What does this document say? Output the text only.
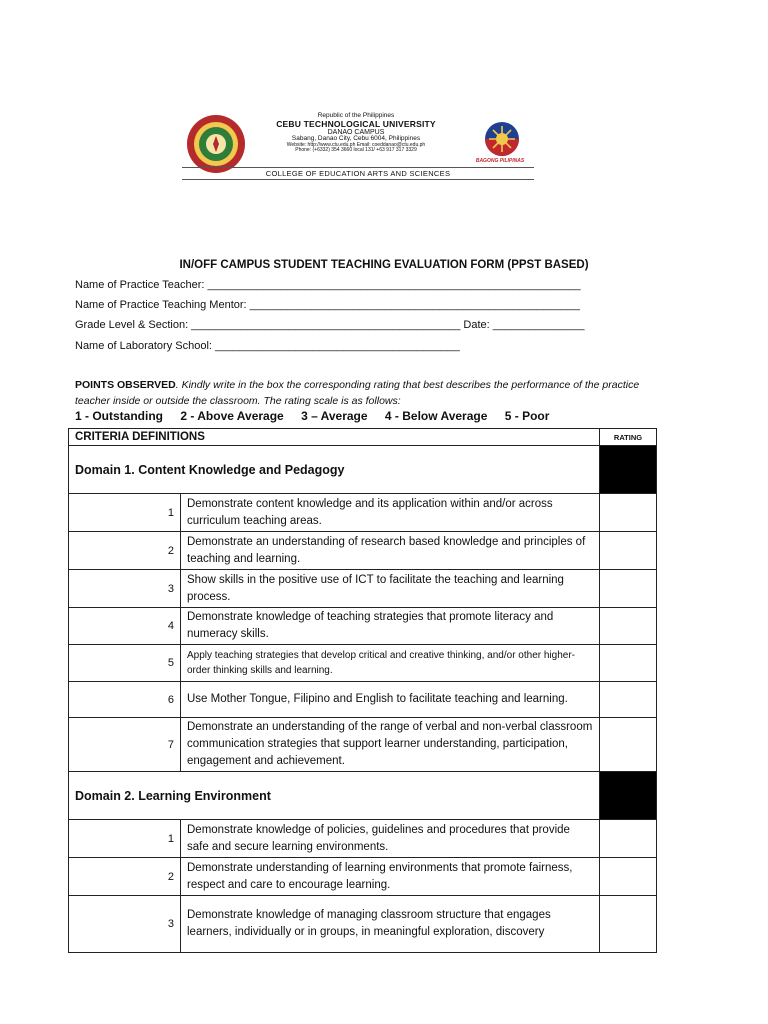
Republic of the Philippines
CEBU TECHNOLOGICAL UNIVERSITY
DANAO CAMPUS
Sabang, Danao City, Cebu 6004, Philippines
Website: http://www.ctu.edu.ph Email: coeddanao@ctu.edu.ph
Phone: (+6332) 354 3660 local 131/ +63 917 317 3329
BAGONG PILIPINAS
COLLEGE OF EDUCATION ARTS AND SCIENCES
IN/OFF CAMPUS STUDENT TEACHING EVALUATION FORM (PPST BASED)
Name of Practice Teacher: _____________________________________________________________
Name of Practice Teaching Mentor: ______________________________________________________
Grade Level & Section: ____________________________________________ Date: _______________
Name of Laboratory School: ________________________________________
POINTS OBSERVED. Kindly write in the box the corresponding rating that best describes the performance of the practice teacher inside or outside the classroom. The rating scale is as follows:
1 - Outstanding 2 - Above Average 3 – Average 4 - Below Average 5 - Poor
CRITERIA DEFINITIONS		RATING
Domain 1. Content Knowledge and Pedagogy		
1	Demonstrate content knowledge and its application within and/or across curriculum teaching areas.	
2	Demonstrate an understanding of research based knowledge and principles of teaching and learning.	
3	Show skills in the positive use of ICT to facilitate the teaching and learning process.	
4	Demonstrate knowledge of teaching strategies that promote literacy and numeracy skills.	
5	Apply teaching strategies that develop critical and creative thinking, and/or other higher-order thinking skills and learning.	
6	Use Mother Tongue, Filipino and English to facilitate teaching and learning.	
7	Demonstrate an understanding of the range of verbal and non-verbal classroom communication strategies that support learner understanding, participation, engagement and achievement.	
Domain 2. Learning Environment		
1	Demonstrate knowledge of policies, guidelines and procedures that provide safe and secure learning environments.	
2	Demonstrate understanding of learning environments that promote fairness, respect and care to encourage learning.	
3	Demonstrate knowledge of managing classroom structure that engages learners, individually or in groups, in meaningful exploration, discovery	
